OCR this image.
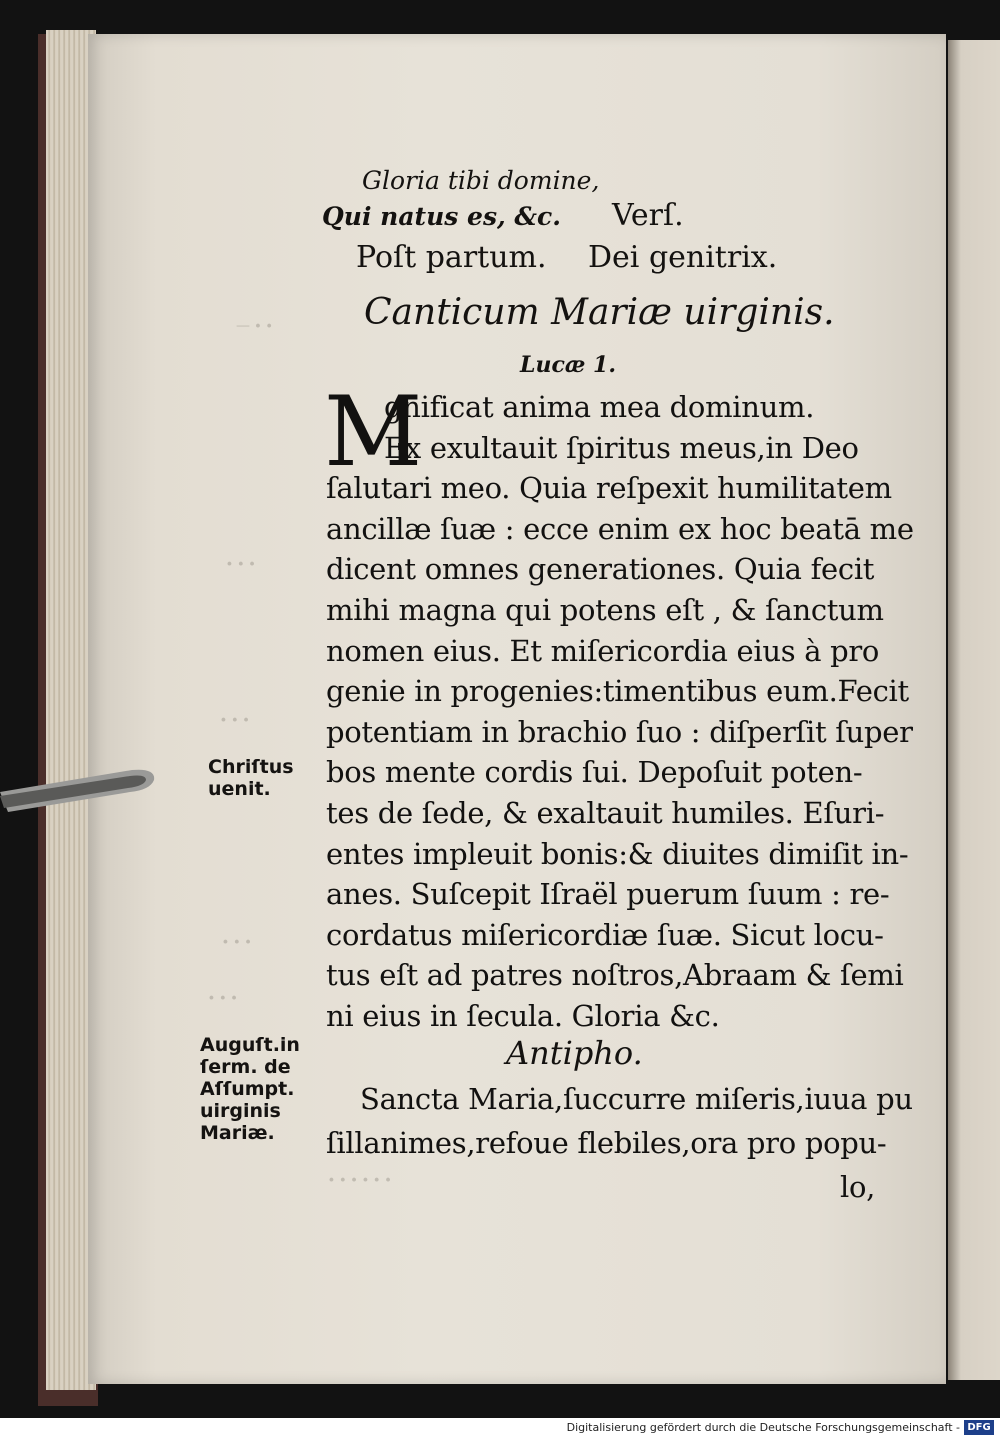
— ∙ ∙
∙ ∙ ∙
∙ ∙ ∙
∙ ∙ ∙
∙ ∙ ∙
∙ ∙ ∙ ∙ ∙ ∙
Gloria tibi domine,
Qui natus es, &c. Verſ.
Poſt partum. Dei genitrix.
Canticum Mariæ uirginis.
Lucæ 1.
M
gnificat anima mea dominum.
Ex exultauit ſpiritus meus,in Deo
ſalutari meo. Quia reſpexit humilitatem
ancillæ ſuæ : ecce enim ex hoc beatā me
dicent omnes generationes. Quia fecit
mihi magna qui potens eſt , & ſanctum
nomen eius. Et miſericordia eius à pro
genie in progenies:timentibus eum.Fecit
potentiam in brachio ſuo : diſperſit ſuper
bos mente cordis ſui. Depoſuit poten-
tes de ſede, & exaltauit humiles. Eſuri-
entes impleuit bonis:& diuites dimiſit in-
anes. Suſcepit Iſraël puerum ſuum : re-
cordatus miſericordiæ ſuæ. Sicut locu-
tus eſt ad patres noſtros,Abraam & ſemi
ni eius in ſecula. Gloria &c.
Antipho.
Sancta Maria,ſuccurre miſeris,iuua pu
ſillanimes,refoue flebiles,ora pro popu-
lo,
Chriſtus
uenit.
Auguſt.in
ſerm. de
Aſſumpt.
uirginis
Mariæ.
Digitalisierung gefördert durch die Deutsche Forschungsgemeinschaft - DFG
